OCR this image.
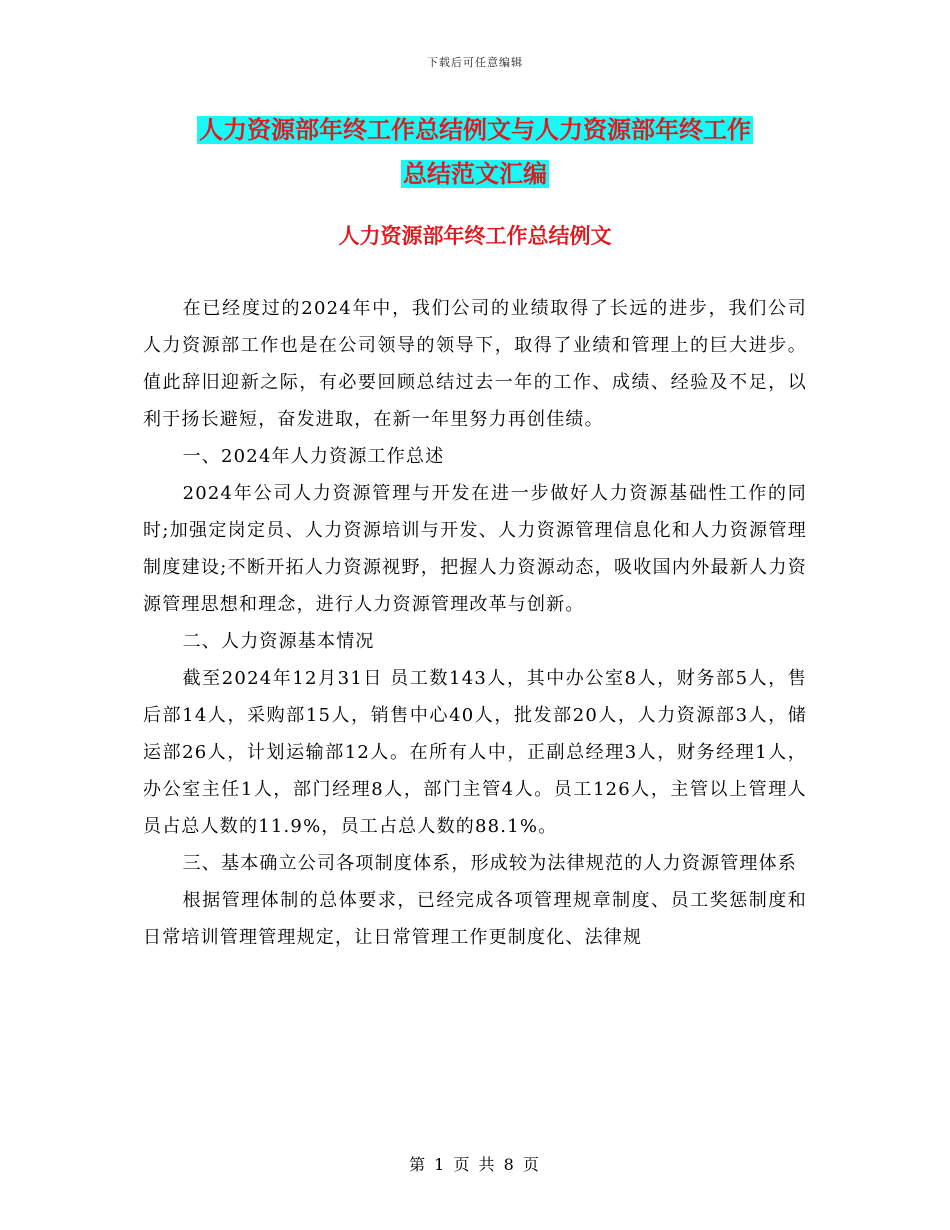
下载后可任意编辑
人力资源部年终工作总结例文与人力资源部年终工作
总结范文汇编
人力资源部年终工作总结例文

在已经度过的2024年中，我们公司的业绩取得了长远的进步，我们公司人力资源部工作也是在公司领导的领导下，取得了业绩和管理上的巨大进步。值此辞旧迎新之际，有必要回顾总结过去一年的工作、成绩、经验及不足，以利于扬长避短，奋发进取，在新一年里努力再创佳绩。

一、2024年人力资源工作总述

2024年公司人力资源管理与开发在进一步做好人力资源基础性工作的同时;加强定岗定员、人力资源培训与开发、人力资源管理信息化和人力资源管理制度建设;不断开拓人力资源视野，把握人力资源动态，吸收国内外最新人力资源管理思想和理念，进行人力资源管理改革与创新。

二、人力资源基本情况

截至2024年12月31日 员工数143人，其中办公室8人，财务部5人，售后部14人，采购部15人，销售中心40人，批发部20人，人力资源部3人，储运部26人，计划运输部12人。在所有人中，正副总经理3人，财务经理1人，办公室主任1人，部门经理8人，部门主管4人。员工126人，主管以上管理人员占总人数的11.9%，员工占总人数的88.1%。

三、基本确立公司各项制度体系，形成较为法律规范的人力资源管理体系

根据管理体制的总体要求，已经完成各项管理规章制度、员工奖惩制度和日常培训管理管理规定，让日常管理工作更制度化、法律规

第 1 页 共 8 页
